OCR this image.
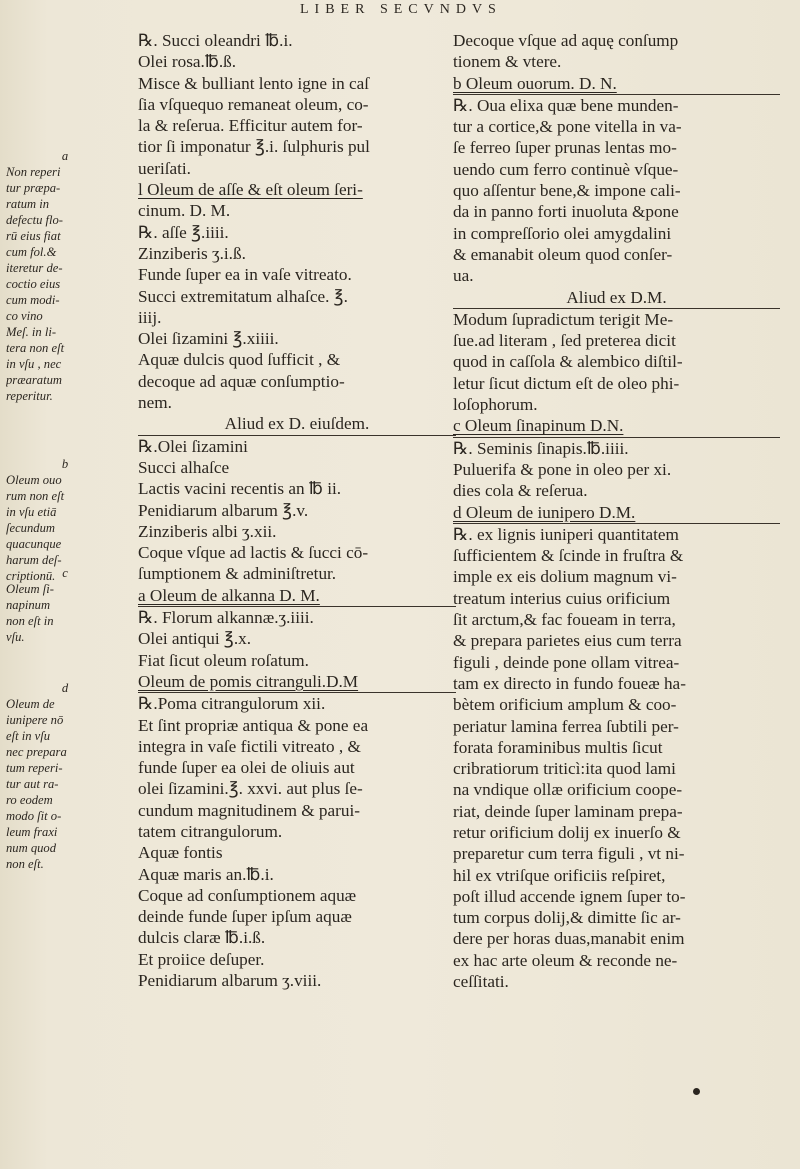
LIBER SECVNDVS
℞. Succi oleandri ℔.i.
Olei rosa.℔.ß.
Misce & bulliant lento igne in caſ
ſia vſquequo remaneat oleum, co-
la & reſerua. Efficitur autem for-
tior ſi imponatur ℥.i. ſulphuris pul
ueriſati.
l Oleum de aſſe & eſt oleum ſeri-
cinum. D. M.
℞. aſſe ℥.iiii.
Zinziberis ʒ.i.ß.
Funde ſuper ea in vaſe vitreato.
Succi extremitatum alhaſce. ℥.
iiij.
Olei ſizamini ℥.xiiii.
Aquæ dulcis quod ſufficit , &
decoque ad aquæ conſumptio-
nem.
Aliud ex D. eiuſdem.
℞.Olei ſizamini
Succi alhaſce
Lactis vacini recentis an ℔ ii.
Penidiarum albarum ℥.v.
Zinziberis albi ʒ.xii.
Coque vſque ad lactis & ſucci cō-
ſumptionem & adminiſtretur.
a Oleum de alkanna D. M.
℞. Florum alkannæ.ʒ.iiii.
Olei antiqui ℥.x.
Fiat ſicut oleum roſatum.
Oleum de pomis citranguli.D.M
℞.Poma citrangulorum xii.
Et ſint propriæ antiqua & pone ea
integra in vaſe fictili vitreato , &
funde ſuper ea olei de oliuis aut
olei ſizamini.℥. xxvi. aut plus ſe-
cundum magnitudinem & parui-
tatem citrangulorum.
Aquæ fontis
Aquæ maris an.℔.i.
Coque ad conſumptionem aquæ
deinde funde ſuper ipſum aquæ
dulcis claræ ℔.i.ß.
Et proiice deſuper.
Penidiarum albarum ʒ.viii.
Decoque vſque ad aquę conſump
tionem & vtere.
b Oleum ouorum. D. N.
℞. Oua elixa quæ bene munden-
tur a cortice,& pone vitella in va-
ſe ferreo ſuper prunas lentas mo-
uendo cum ferro continuè vſque-
quo aſſentur bene,& impone cali-
da in panno forti inuoluta &pone
in compreſſorio olei amygdalini
& emanabit oleum quod conſer-
ua.
Aliud ex D.M.
Modum ſupradictum terigit Me-
ſue.ad literam , ſed preterea dicit
quod in caſſola & alembico diſtil-
letur ſicut dictum eſt de oleo phi-
loſophorum.
c Oleum ſinapinum D.N.
℞. Seminis ſinapis.℔.iiii.
Puluerifa & pone in oleo per xi.
dies cola & reſerua.
d Oleum de iunipero D.M.
℞. ex lignis iuniperi quantitatem
ſufficientem & ſcinde in fruſtra &
imple ex eis dolium magnum vi-
treatum interius cuius orificium
ſit arctum,& fac foueam in terra,
& prepara parietes eius cum terra
figuli , deinde pone ollam vitrea-
tam ex directo in fundo foueæ ha-
bètem orificium amplum & coo-
periatur lamina ferrea ſubtili per-
forata foraminibus multis ſicut
cribratiorum triticì:ita quod lami
na vndique ollæ orificium coope-
riat, deinde ſuper laminam prepa-
retur orificium dolij ex inuerſo &
preparetur cum terra figuli , vt ni-
hil ex vtriſque orificiis reſpiret,
poſt illud accende ignem ſuper to-
tum corpus dolij,& dimitte ſic ar-
dere per horas duas,manabit enim
ex hac arte oleum & reconde ne-
ceſſitati.
a
Non reperi
tur præpa-
ratum in
defectu flo-
rū eius fiat
cum fol.&
iteretur de-
coctio eius
cum modi-
co vino
Meſ. in li-
tera non eſt
in vſu , nec
præaratum
reperitur.
b
Oleum ouo
rum non eſt
in vſu etiā
ſecundum
quacunque
harum deſ-
criptionū. c
Oleum ſi-
napinum
non eſt in
vſu.
d
Oleum de
iunipere nō
eſt in vſu
nec prepara
tum reperi-
tur aut ra-
ro eodem
modo ſit o-
leum fraxi
num quod
non eſt.
